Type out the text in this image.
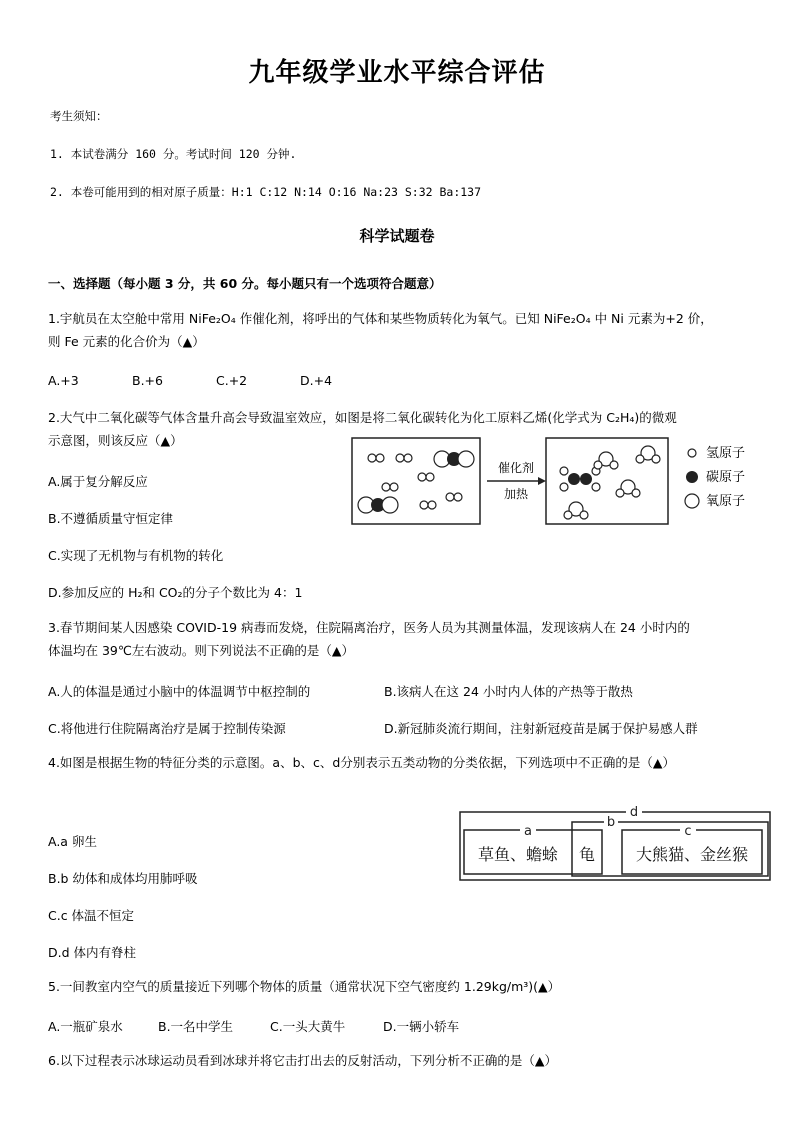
九年级学业水平综合评估
考生须知：
1. 本试卷满分 160 分。考试时间 120 分钟.
2. 本卷可能用到的相对原子质量：H:1 C:12 N:14 O:16 Na:23 S:32 Ba:137
科学试题卷
一、选择题（每小题 3 分，共 60 分。每小题只有一个选项符合题意）
1.宇航员在太空舱中常用 NiFe₂O₄ 作催化剂，将呼出的气体和某些物质转化为氧气。已知 NiFe₂O₄ 中 Ni 元素为+2 价，
则 Fe 元素的化合价为（▲）
A.+3	B.+6	C.+2	D.+4
2.大气中二氧化碳等气体含量升高会导致温室效应，如图是将二氧化碳转化为化工原料乙烯(化学式为 C₂H₄)的微观
示意图，则该反应（▲）
A.属于复分解反应
B.不遵循质量守恒定律
C.实现了无机物与有机物的转化
D.参加反应的 H₂和 CO₂的分子个数比为 4：1
催化剂
加热
氢原子
碳原子
氧原子
3.春节期间某人因感染 COVID-19 病毒而发烧，住院隔离治疗，医务人员为其测量体温，发现该病人在 24 小时内的
体温均在 39℃左右波动。则下列说法不正确的是（▲）
A.人的体温是通过小脑中的体温调节中枢控制的	B.该病人在这 24 小时内人体的产热等于散热
C.将他进行住院隔离治疗是属于控制传染源	D.新冠肺炎流行期间，注射新冠疫苗是属于保护易感人群
4.如图是根据生物的特征分类的示意图。a、b、c、d分别表示五类动物的分类依据，下列选项中不正确的是（▲）
A.a 卵生
B.b 幼体和成体均用肺呼吸
C.c 体温不恒定
D.d 体内有脊柱
d
a
b
c
草鱼、蟾蜍 龟	大熊猫、金丝猴
5.一间教室内空气的质量接近下列哪个物体的质量（通常状况下空气密度约 1.29kg/m³)(▲）
A.一瓶矿泉水	B.一名中学生	C.一头大黄牛	D.一辆小轿车
6.以下过程表示冰球运动员看到冰球并将它击打出去的反射活动，下列分析不正确的是（▲）
